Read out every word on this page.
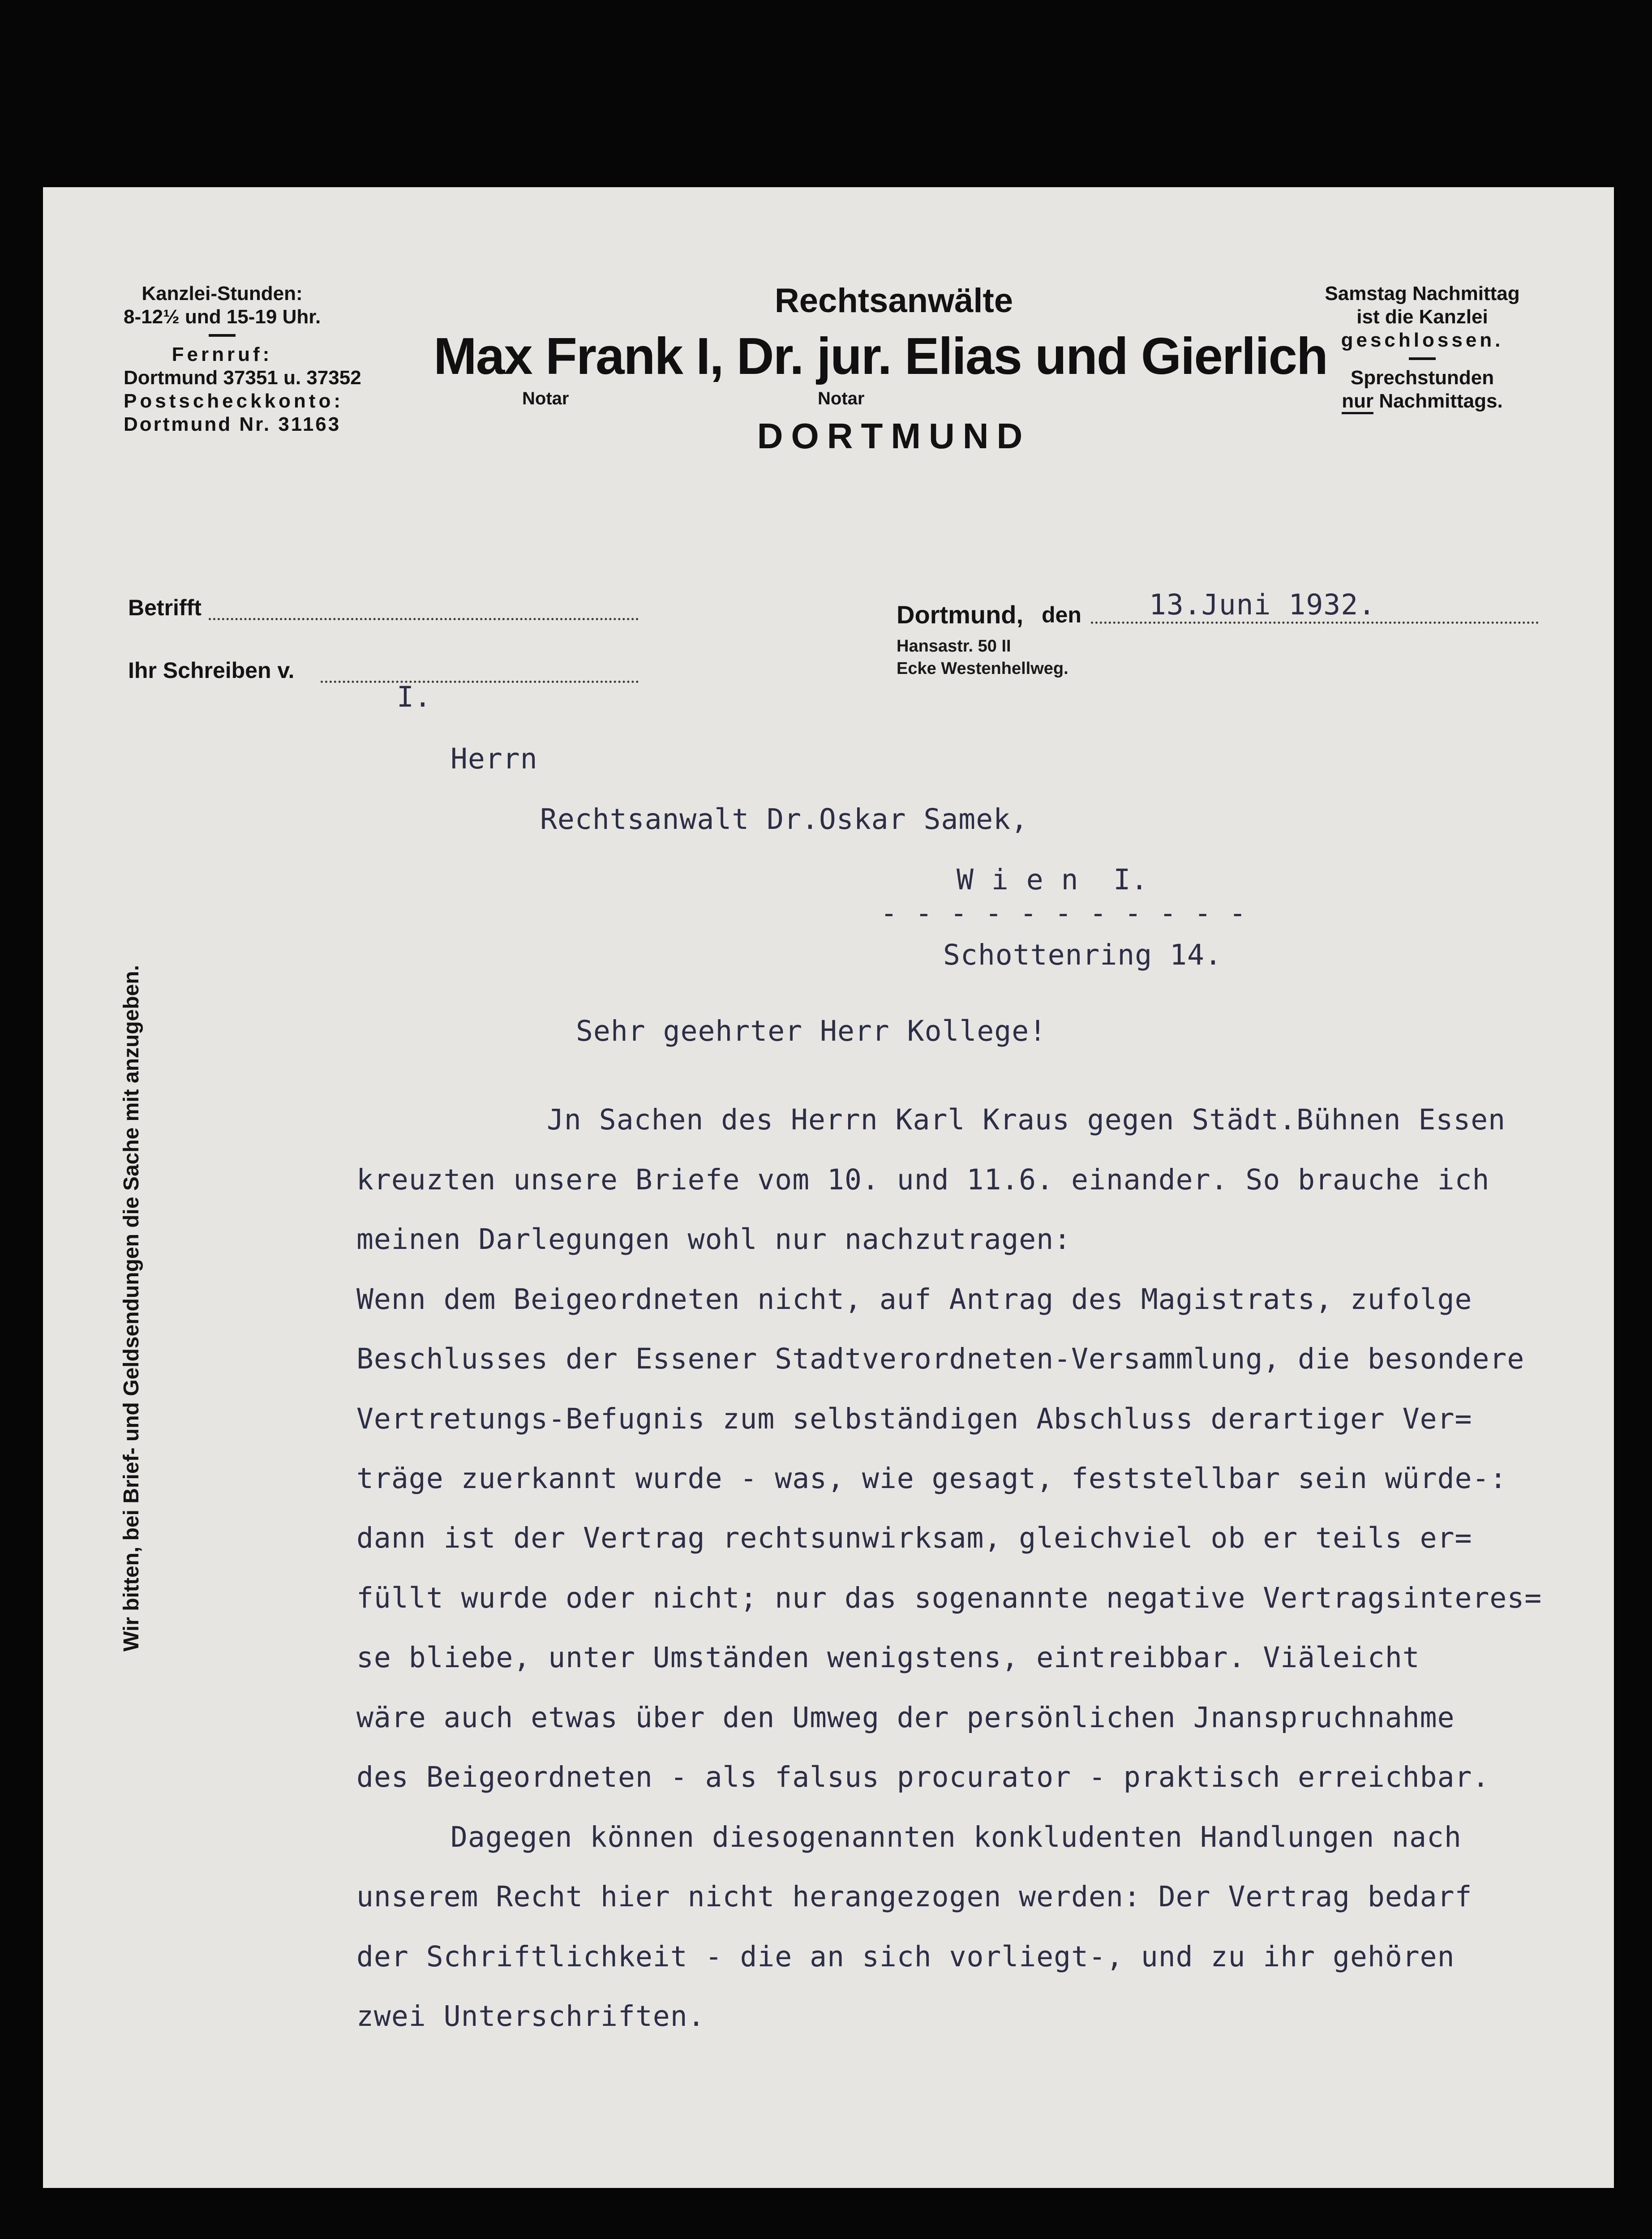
Kanzlei-Stunden:
8-12½ und 15-19 Uhr.
Fernruf:
Dortmund 37351 u. 37352
Postscheckkonto:
Dortmund Nr. 31163
Rechtsanwälte
Max Frank I, Dr. jur. Elias und Gierlich
Notar	Notar
DORTMUND
Samstag Nachmittag
ist die Kanzlei
geschlossen.
Sprechstunden
nur Nachmittags.
Betrifft
Ihr Schreiben v.
Dortmund, den 13.Juni 1932.
Hansastr. 50 II
Ecke Westenhellweg.
Wir bitten, bei Brief- und Geldsendungen die Sache mit anzugeben.
I.
Herrn
Rechtsanwalt Dr.Oskar Samek,
W i e n  I.
- - - - - - - - - - -
Schottenring 14.
Sehr geehrter Herr Kollege!
Jn Sachen des Herrn Karl Kraus gegen Städt.Bühnen Essen
kreuzten unsere Briefe vom 10. und 11.6. einander. So brauche ich
meinen Darlegungen wohl nur nachzutragen:
Wenn dem Beigeordneten nicht, auf Antrag des Magistrats, zufolge
Beschlusses der Essener Stadtverordneten-Versammlung, die besondere
Vertretungs-Befugnis zum selbständigen Abschluss derartiger Ver=
träge zuerkannt wurde - was, wie gesagt, feststellbar sein würde-:
dann ist der Vertrag rechtsunwirksam, gleichviel ob er teils er=
füllt wurde oder nicht; nur das sogenannte negative Vertragsinteres=
se bliebe, unter Umständen wenigstens, eintreibbar. Viäleicht
wäre auch etwas über den Umweg der persönlichen Jnanspruchnahme
des Beigeordneten - als falsus procurator - praktisch erreichbar.
Dagegen können diesogenannten konkludenten Handlungen nach
unserem Recht hier nicht herangezogen werden: Der Vertrag bedarf
der Schriftlichkeit - die an sich vorliegt-, und zu ihr gehören
zwei Unterschriften.
